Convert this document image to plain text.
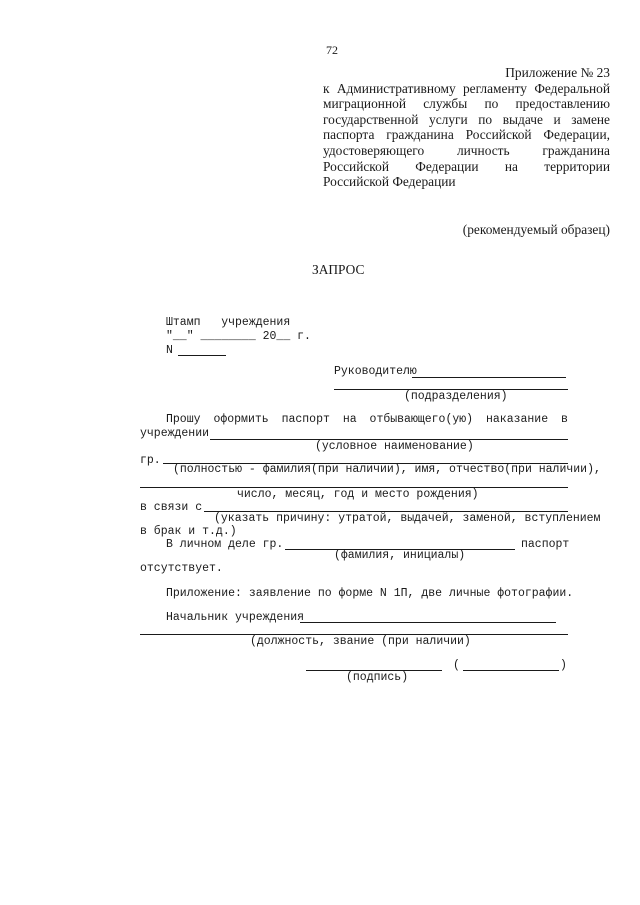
72
Приложение № 23
к Административному регламенту Федеральной миграционной службы по предоставлению государственной услуги по выдаче и замене паспорта гражданина Российской Федерации, удостоверяющего личность гражданина Российской Федерации на территории Российской Федерации
(рекомендуемый образец)
ЗАПРОС
Штамп   учреждения
"__" ________ 20__ г.
N
Руководителю
(подразделения)
Прошу оформить паспорт на отбывающего(ую) наказание в
учреждении
(условное наименование)
гр.
(полностью - фамилия(при наличии), имя, отчество(при наличии),
число, месяц, год и место рождения)
в связи с
(указать причину: утратой, выдачей, заменой, вступлением
в брак и т.д.)
В личном деле гр.	паспорт
(фамилия, инициалы)
отсутствует.
Приложение: заявление по форме N 1П, две личные фотографии.
Начальник учреждения
(должность, звание (при наличии)
(	)
(подпись)
